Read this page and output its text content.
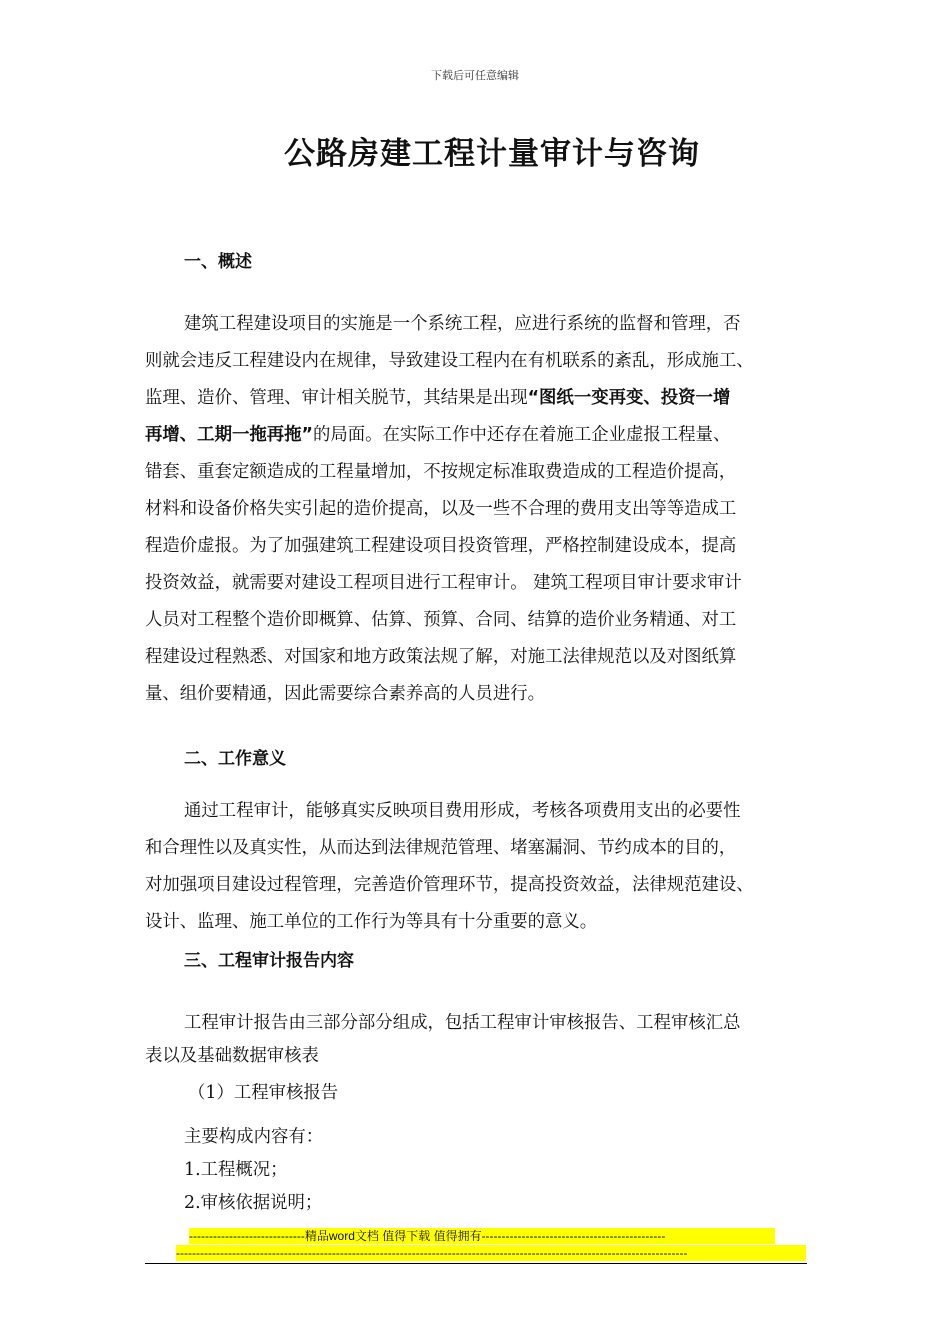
下载后可任意编辑
公路房建工程计量审计与咨询
一、概述
建筑工程建设项目的实施是一个系统工程，应进行系统的监督和管理，否
则就会违反工程建设内在规律，导致建设工程内在有机联系的紊乱，形成施工、
监理、造价、管理、审计相关脱节，其结果是出现“图纸一变再变、投资一增
再增、工期一拖再拖”的局面。在实际工作中还存在着施工企业虚报工程量、
错套、重套定额造成的工程量增加，不按规定标准取费造成的工程造价提高，
材料和设备价格失实引起的造价提高，以及一些不合理的费用支出等等造成工
程造价虚报。为了加强建筑工程建设项目投资管理，严格控制建设成本，提高
投资效益，就需要对建设工程项目进行工程审计。 建筑工程项目审计要求审计
人员对工程整个造价即概算、估算、预算、合同、结算的造价业务精通、对工
程建设过程熟悉、对国家和地方政策法规了解，对施工法律规范以及对图纸算
量、组价要精通，因此需要综合素养高的人员进行。
二、工作意义
通过工程审计，能够真实反映项目费用形成，考核各项费用支出的必要性
和合理性以及真实性，从而达到法律规范管理、堵塞漏洞、节约成本的目的，
对加强项目建设过程管理，完善造价管理环节，提高投资效益，法律规范建设、
设计、监理、施工单位的工作行为等具有十分重要的意义。
三、工程审计报告内容
工程审计报告由三部分部分组成，包括工程审计审核报告、工程审核汇总
表以及基础数据审核表
（1）工程审核报告
主要构成内容有：
1.工程概况；
2.审核依据说明；
-----------------------------精品word文档 值得下载 值得拥有----------------------------------------------
--------------------------------------------------------------------------------------------------------------------------------
